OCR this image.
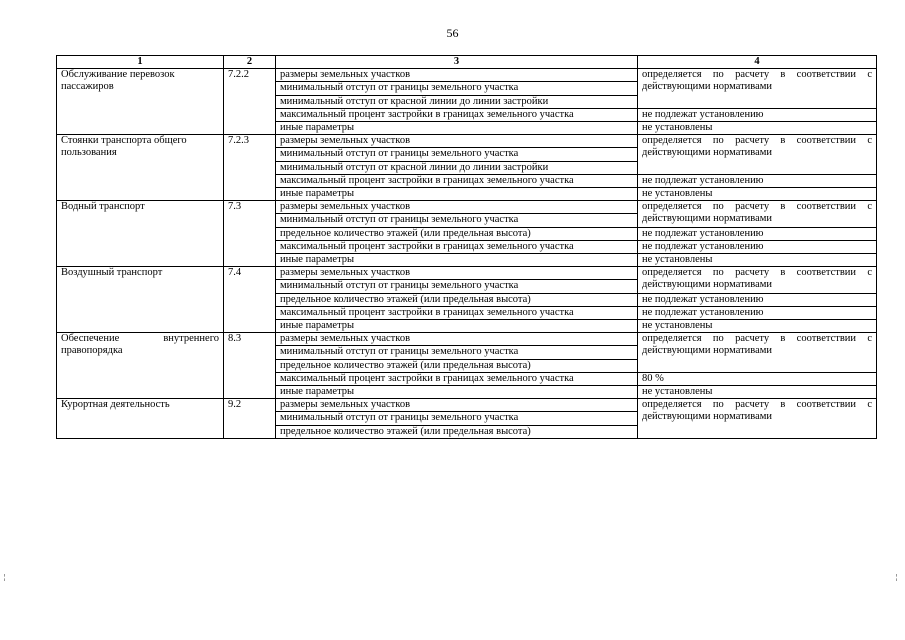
56
1	2	3	4
Обслуживание перевозок пассажиров	7.2.2	размеры земельных участков	определяется по расчету в соответствии с действующими нормативами
		минимальный отступ от границы земельного участка	
		минимальный отступ от красной линии до линии застройки	
		максимальный процент застройки в границах земельного участка	не подлежат установлению
		иные параметры	не установлены
Стоянки транспорта общего пользования	7.2.3	размеры земельных участков	определяется по расчету в соответствии с действующими нормативами
		минимальный отступ от границы земельного участка	
		минимальный отступ от красной линии до линии застройки	
		максимальный процент застройки в границах земельного участка	не подлежат установлению
		иные параметры	не установлены
Водный транспорт	7.3	размеры земельных участков	определяется по расчету в соответствии с действующими нормативами
		минимальный отступ от границы земельного участка	
		предельное количество этажей (или предельная высота)	не подлежат установлению
		максимальный процент застройки в границах земельного участка	не подлежат установлению
		иные параметры	не установлены
Воздушный транспорт	7.4	размеры земельных участков	определяется по расчету в соответствии с действующими нормативами
		минимальный отступ от границы земельного участка	
		предельное количество этажей (или предельная высота)	не подлежат установлению
		максимальный процент застройки в границах земельного участка	не подлежат установлению
		иные параметры	не установлены
Обеспечение внутреннего правопорядка	8.3	размеры земельных участков	определяется по расчету в соответствии с действующими нормативами
		минимальный отступ от границы земельного участка	
		предельное количество этажей (или предельная высота)	
		максимальный процент застройки в границах земельного участка	80 %
		иные параметры	не установлены
Курортная деятельность	9.2	размеры земельных участков	определяется по расчету в соответствии с действующими нормативами
		минимальный отступ от границы земельного участка	
		предельное количество этажей (или предельная высота)	
